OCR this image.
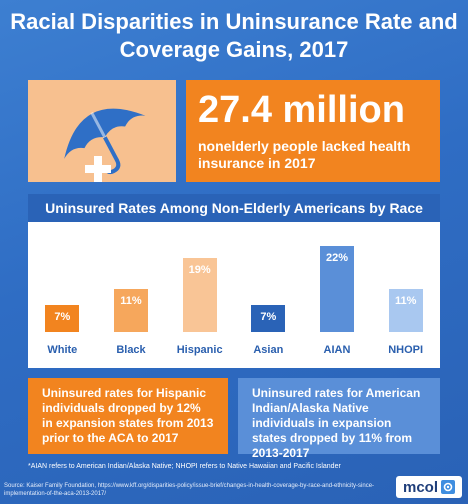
Racial Disparities in Uninsurance Rate and Coverage Gains, 2017
27.4 million
nonelderly people lacked health insurance in 2017
Uninsured Rates Among Non-Elderly Americans by Race
7%
White
11%
Black
19%
Hispanic
7%
Asian
22%
AIAN
11%
NHOPI
Uninsured rates for Hispanic individuals dropped by 12% in expansion states from 2013 prior to the ACA to 2017
Uninsured rates for American Indian/Alaska Native individuals in expansion states dropped by 11% from 2013-2017
*AIAN refers to American Indian/Alaska Native; NHOPI refers to Native Hawaiian and Pacific Islander
Source: Kaiser Family Foundation, https://www.kff.org/disparities-policy/issue-brief/changes-in-health-coverage-by-race-and-ethnicity-since-implementation-of-the-aca-2013-2017/	mcol
